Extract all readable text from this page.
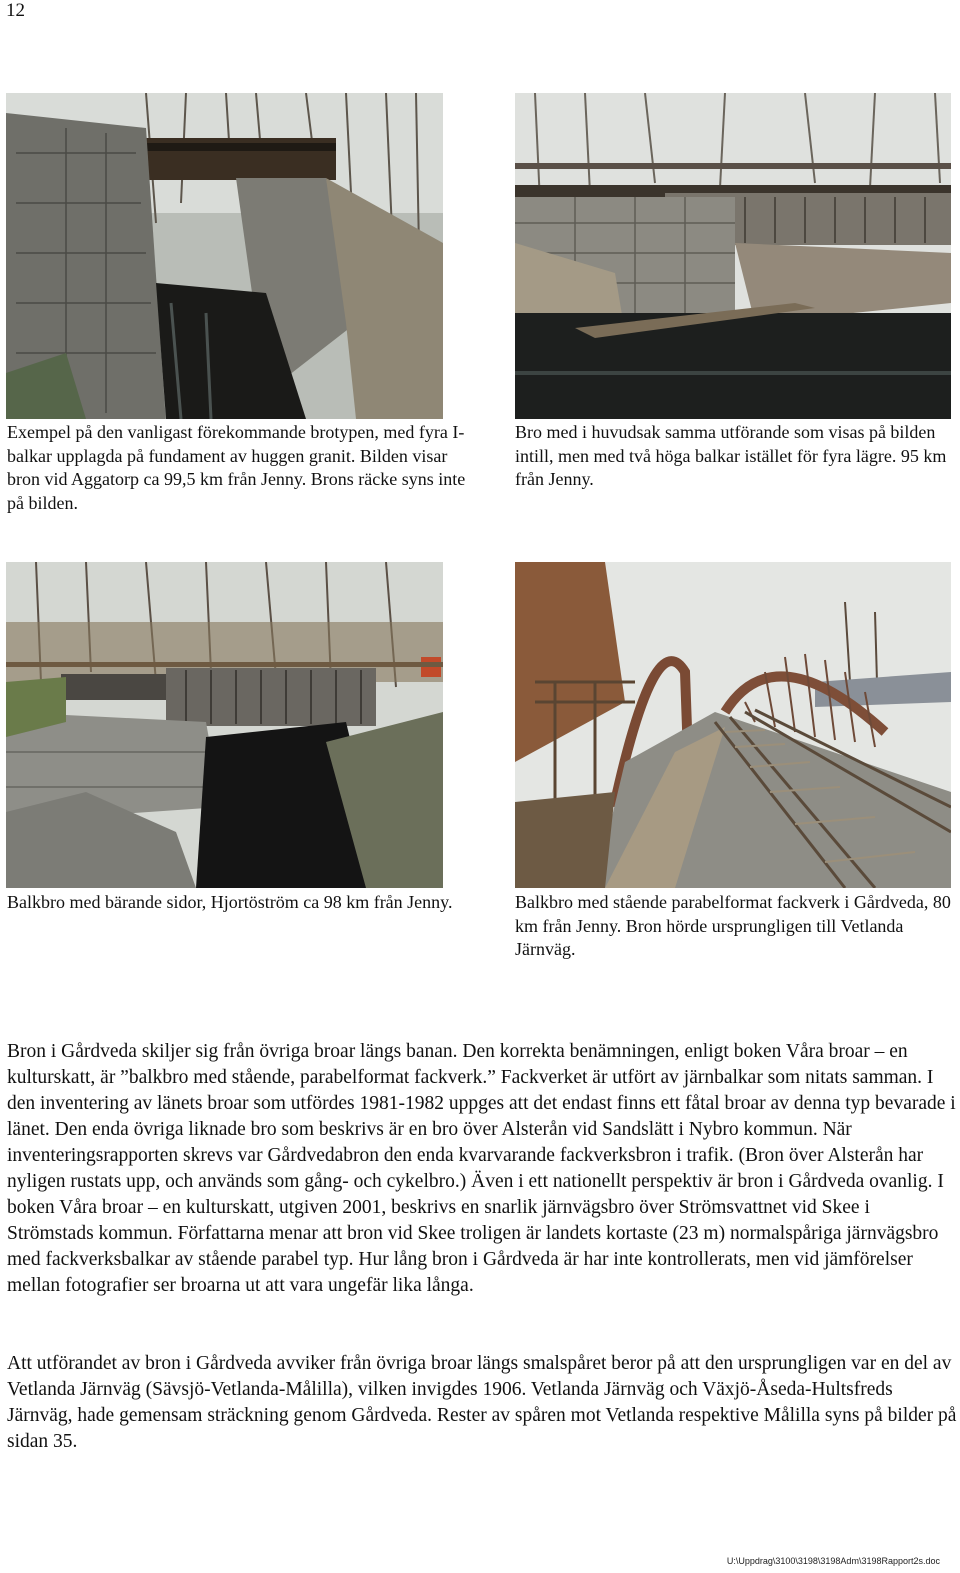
12
Exempel på den vanligast förekommande brotypen, med fyra I-balkar upplagda på fundament av huggen granit. Bilden visar bron vid Aggatorp ca 99,5 km från Jenny. Brons räcke syns inte på bilden.
Bro med i huvudsak samma utförande som visas på bilden intill, men med två höga balkar istället för fyra lägre. 95 km från Jenny.
Balkbro med bärande sidor, Hjortöström ca 98 km från Jenny.	Balkbro med stående parabelformat fackverk i Gårdveda, 80 km från Jenny. Bron hörde ursprungligen till Vetlanda Järnväg.
Bron i Gårdveda skiljer sig från övriga broar längs banan. Den korrekta benämningen, enligt boken Våra broar – en kulturskatt, är ”balkbro med stående, parabelformat fackverk.” Fackverket är utfört av järnbalkar som nitats samman. I den inventering av länets broar som utfördes 1981-1982 uppges att det endast finns ett fåtal broar av denna typ bevarade i länet. Den enda övriga liknade bro som beskrivs är en bro över Alsterån vid Sandslätt i Nybro kommun. När inventeringsrapporten skrevs var Gårdvedabron den enda kvarvarande fackverksbron i trafik. (Bron över Alsterån har nyligen rustats upp, och används som gång- och cykelbro.) Även i ett nationellt perspektiv är bron i Gårdveda ovanlig. I boken Våra broar – en kulturskatt, utgiven 2001, beskrivs en snarlik järnvägsbro över Strömsvattnet vid Skee i Strömstads kommun. Författarna menar att bron vid Skee troligen är landets kortaste (23 m) normalspåriga järnvägsbro med fackverksbalkar av stående parabel typ. Hur lång bron i Gårdveda är har inte kontrollerats, men vid jämförelser mellan fotografier ser broarna ut att vara ungefär lika långa.
Att utförandet av bron i Gårdveda avviker från övriga broar längs smalspåret beror på att den ursprungligen var en del av Vetlanda Järnväg (Sävsjö-Vetlanda-Målilla), vilken invigdes 1906. Vetlanda Järnväg och Växjö-Åseda-Hultsfreds Järnväg, hade gemensam sträckning genom Gårdveda. Rester av spåren mot Vetlanda respektive Målilla syns på bilder på sidan 35.
U:\Uppdrag\3100\3198\3198Adm\3198Rapport2s.doc
